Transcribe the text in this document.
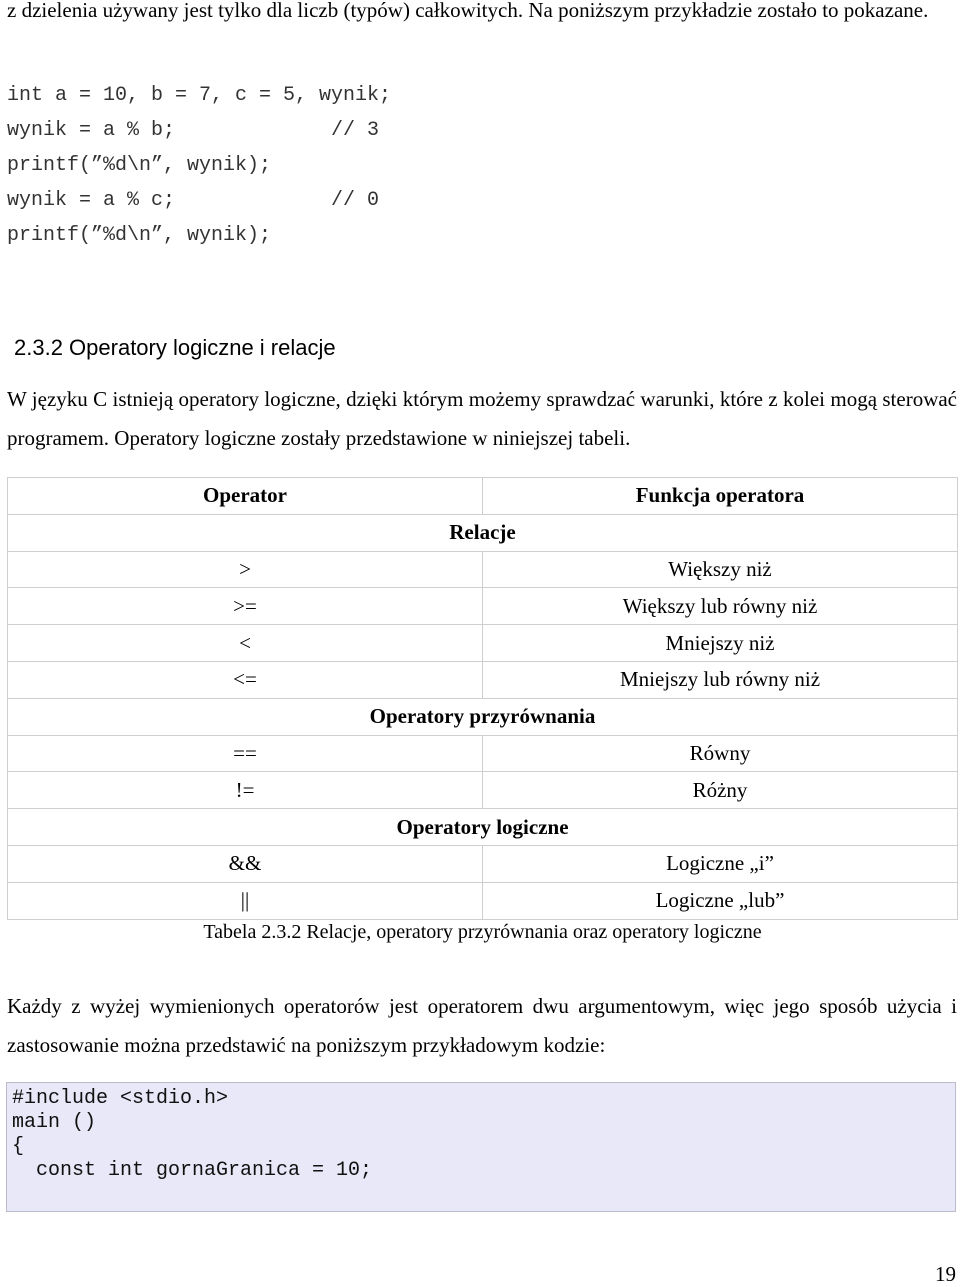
z dzielenia używany jest tylko dla liczb (typów) całkowitych. Na poniższym przykładzie zostało to pokazane.
int a = 10, b = 7, c = 5, wynik;
wynik = a % b;             // 3
printf(”%d\n”, wynik);
wynik = a % c;             // 0
printf(”%d\n”, wynik);
2.3.2 Operatory logiczne i relacje
W języku C istnieją operatory logiczne, dzięki którym możemy sprawdzać warunki, które z kolei mogą sterować programem. Operatory logiczne zostały przedstawione w niniejszej tabeli.
Operator	Funkcja operatora
Relacje	
>	Większy niż
>=	Większy lub równy niż
<	Mniejszy niż
<=	Mniejszy lub równy niż
Operatory przyrównania	
==	Równy
!=	Różny
Operatory logiczne	
&&	Logiczne „i”
||	Logiczne „lub”
Tabela 2.3.2 Relacje, operatory przyrównania oraz operatory logiczne
Każdy z wyżej wymienionych operatorów jest operatorem dwu argumentowym, więc jego sposób użycia i zastosowanie można przedstawić na poniższym przykładowym kodzie:
#include <stdio.h>
main ()
{
const int gornaGranica = 10;
19
